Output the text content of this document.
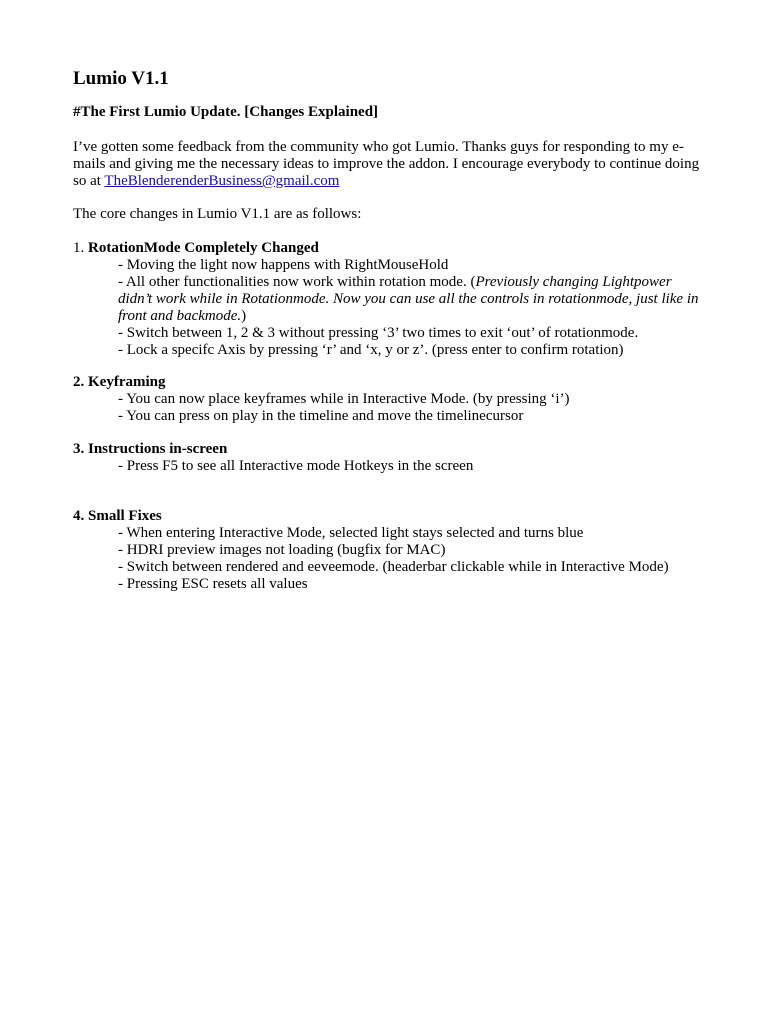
Lumio V1.1

#The First Lumio Update. [Changes Explained]

I’ve gotten some feedback from the community who got Lumio. Thanks guys for responding to my e-mails and giving me the necessary ideas to improve the addon. I encourage everybody to continue doing so at TheBlenderenderBusiness@gmail.com

The core changes in Lumio V1.1 are as follows:

1. RotationMode Completely Changed
- Moving the light now happens with RightMouseHold
- All other functionalities now work within rotation mode. (Previously changing Lightpower didn’t work while in Rotationmode. Now you can use all the controls in rotationmode, just like in front and backmode.)
- Switch between 1, 2 & 3 without pressing ‘3’ two times to exit ‘out’ of rotationmode.
- Lock a specifc Axis by pressing ‘r’ and ‘x, y or z’. (press enter to confirm rotation)
2. Keyframing
- You can now place keyframes while in Interactive Mode. (by pressing ‘i’)
- You can press on play in the timeline and move the timelinecursor
3. Instructions in-screen
- Press F5 to see all Interactive mode Hotkeys in the screen
4. Small Fixes
- When entering Interactive Mode, selected light stays selected and turns blue
- HDRI preview images not loading (bugfix for MAC)
- Switch between rendered and eeveemode. (headerbar clickable while in Interactive Mode)
- Pressing ESC resets all values
